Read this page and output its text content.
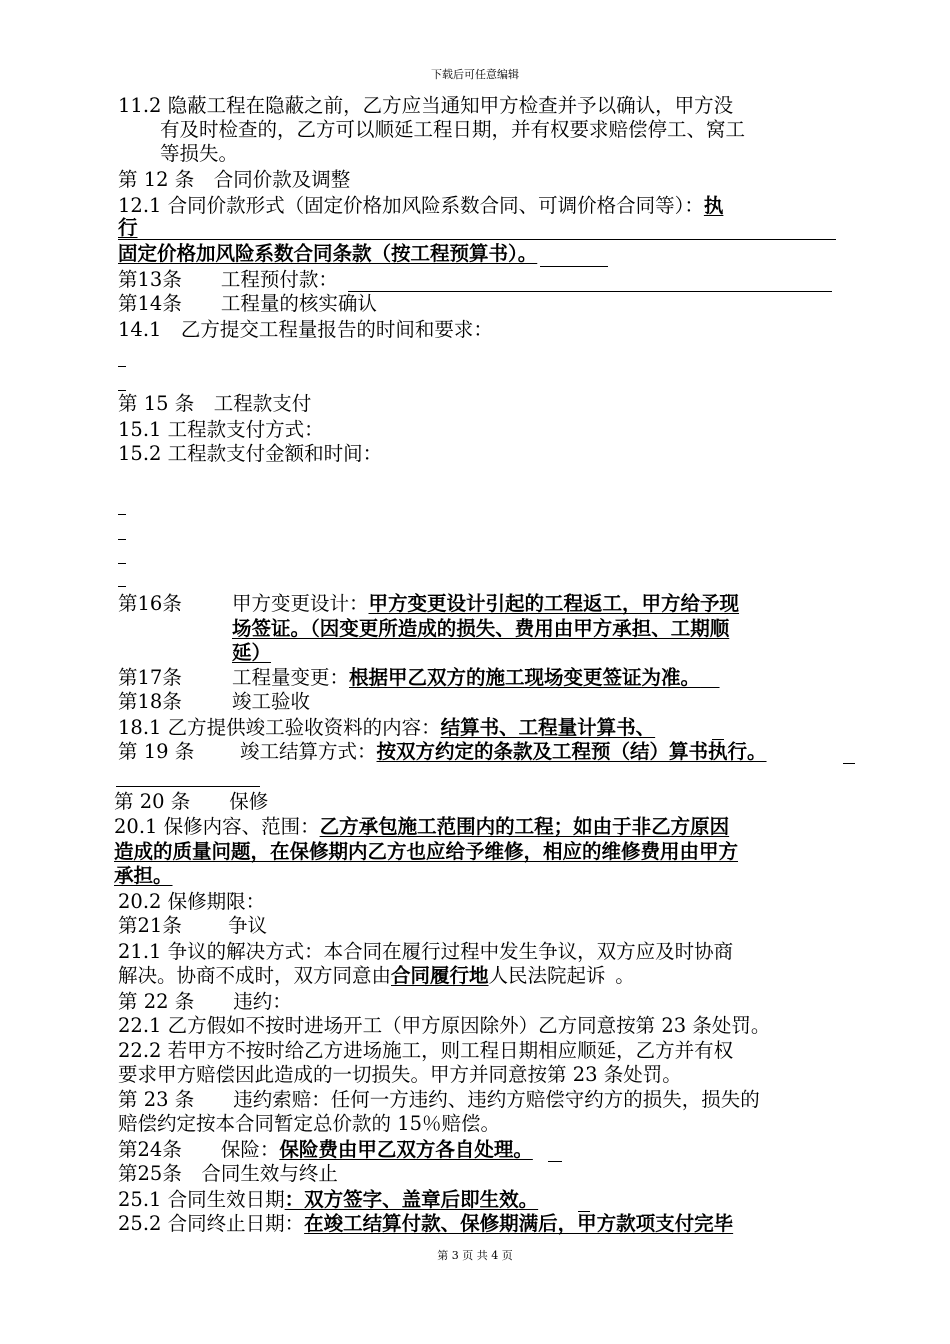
下载后可任意编辑
11.2 隐蔽工程在隐蔽之前，乙方应当通知甲方检查并予以确认，甲方没
有及时检查的，乙方可以顺延工程日期，并有权要求赔偿停工、窝工
等损失。
第 12 条　合同价款及调整
12.1 合同价款形式（固定价格加风险系数合同、可调价格合同等）：执
行
固定价格加风险系数合同条款（按工程预算书）。
第13条　　工程预付款：
第14条　　工程量的核实确认
14.1　乙方提交工程量报告的时间和要求：
第 15 条　工程款支付
15.1 工程款支付方式：
15.2 工程款支付金额和时间：
第16条	甲方变更设计：甲方变更设计引起的工程返工，甲方给予现
场签证。（因变更所造成的损失、费用由甲方承担、工期顺
延）
第17条	工程量变更：根据甲乙双方的施工现场变更签证为准。 
第18条	竣工验收
18.1 乙方提供竣工验收资料的内容：结算书、工程量计算书、
第 19 条 竣工结算方式：按双方约定的条款及工程预（结）算书执行。
第 20 条　　保修
20.1 保修内容、范围：乙方承包施工范围内的工程；如由于非乙方原因
造成的质量问题，在保修期内乙方也应给予维修，相应的维修费用由甲方
承担。
20.2 保修期限：
第21条 争议
21.1 争议的解决方式：本合同在履行过程中发生争议，双方应及时协商
解决。协商不成时，双方同意由合同履行地人民法院起诉  。
第 22 条　　违约：
22.1 乙方假如不按时进场开工（甲方原因除外）乙方同意按第 23 条处罚。
22.2 若甲方不按时给乙方进场施工，则工程日期相应顺延，乙方并有权
要求甲方赔偿因此造成的一切损失。甲方并同意按第 23 条处罚。
第 23 条　　违约索赔：任何一方违约、违约方赔偿守约方的损失，损失的
赔偿约定按本合同暂定总价款的 15％赔偿。
第24条　　保险：保险费由甲乙双方各自处理。
第25条　合同生效与终止
25.1 合同生效日期：双方签字、盖章后即生效。
25.2 合同终止日期：在竣工结算付款、保修期满后，甲方款项支付完毕
第 3 页 共 4 页
